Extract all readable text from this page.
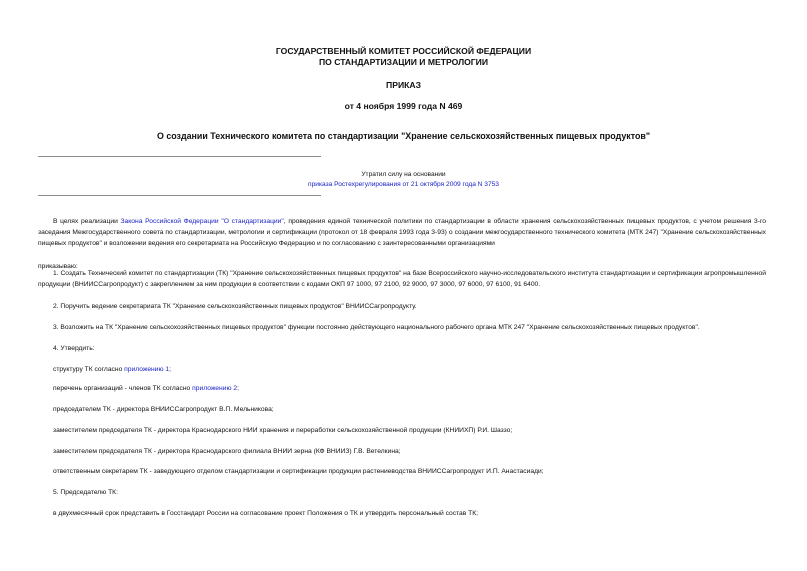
ГОСУДАРСТВЕННЫЙ КОМИТЕТ РОССИЙСКОЙ ФЕДЕРАЦИИ
ПО СТАНДАРТИЗАЦИИ И МЕТРОЛОГИИ
ПРИКАЗ
от 4 ноября 1999 года N 469
О создании Технического комитета по стандартизации "Хранение сельскохозяйственных пищевых продуктов"
Утратил силу на основании
приказа Ростехрегулирования от 21 октября 2009 года N 3753

В целях реализации Закона Российской Федерации "О стандартизации", проведения единой технической политики по стандартизации в области хранения сельскохозяйственных пищевых продуктов, с учетом решения 3-го заседания Межгосударственного совета по стандартизации, метрологии и сертификации (протокол от 18 февраля 1993 года 3-93) о создании межгосударственного технического комитета (МТК 247) "Хранение сельскохозяйственных пищевых продуктов" и возложении ведения его секретариата на Российскую Федерацию и по согласованию с заинтересованными организациями

приказываю:

1. Создать Технический комитет по стандартизации (ТК) "Хранение сельскохозяйственных пищевых продуктов" на базе Всероссийского научно-исследовательского института стандартизации и сертификации агропромышленной продукции (ВНИИССагропродукт) с закреплением за ним продукции в соответствии с кодами ОКП 97 1000, 97 2100, 92 9000, 97 3000, 97 6000, 97 6100, 91 6400.

2. Поручить ведение секретариата ТК "Хранение сельскохозяйственных пищевых продуктов" ВНИИССагропродукту.
3. Возложить на ТК "Хранение сельскохозяйственных пищевых продуктов" функции постоянно действующего национального рабочего органа МТК 247 "Хранение сельскохозяйственных пищевых продуктов".
4. Утвердить:
структуру ТК согласно приложению 1;
перечень организаций - членов ТК согласно приложению 2;
председателем ТК - директора ВНИИССагропродукт В.П. Мельникова;
заместителем председателя ТК - директора Краснодарского НИИ хранения и переработки сельскохозяйственной продукции (КНИИХП) Р.И. Шаззо;
заместителем председателя ТК - директора Краснодарского филиала ВНИИ зерна (КФ ВНИИЗ) Г.В. Ветелкина;
ответственным секретарем ТК - заведующего отделом стандартизации и сертификации продукции растениеводства ВНИИССагропродукт И.П. Анастасиади;
5. Председателю ТК:
в двухмесячный срок представить в Госстандарт России на согласование проект Положения о ТК и утвердить персональный состав ТК;
